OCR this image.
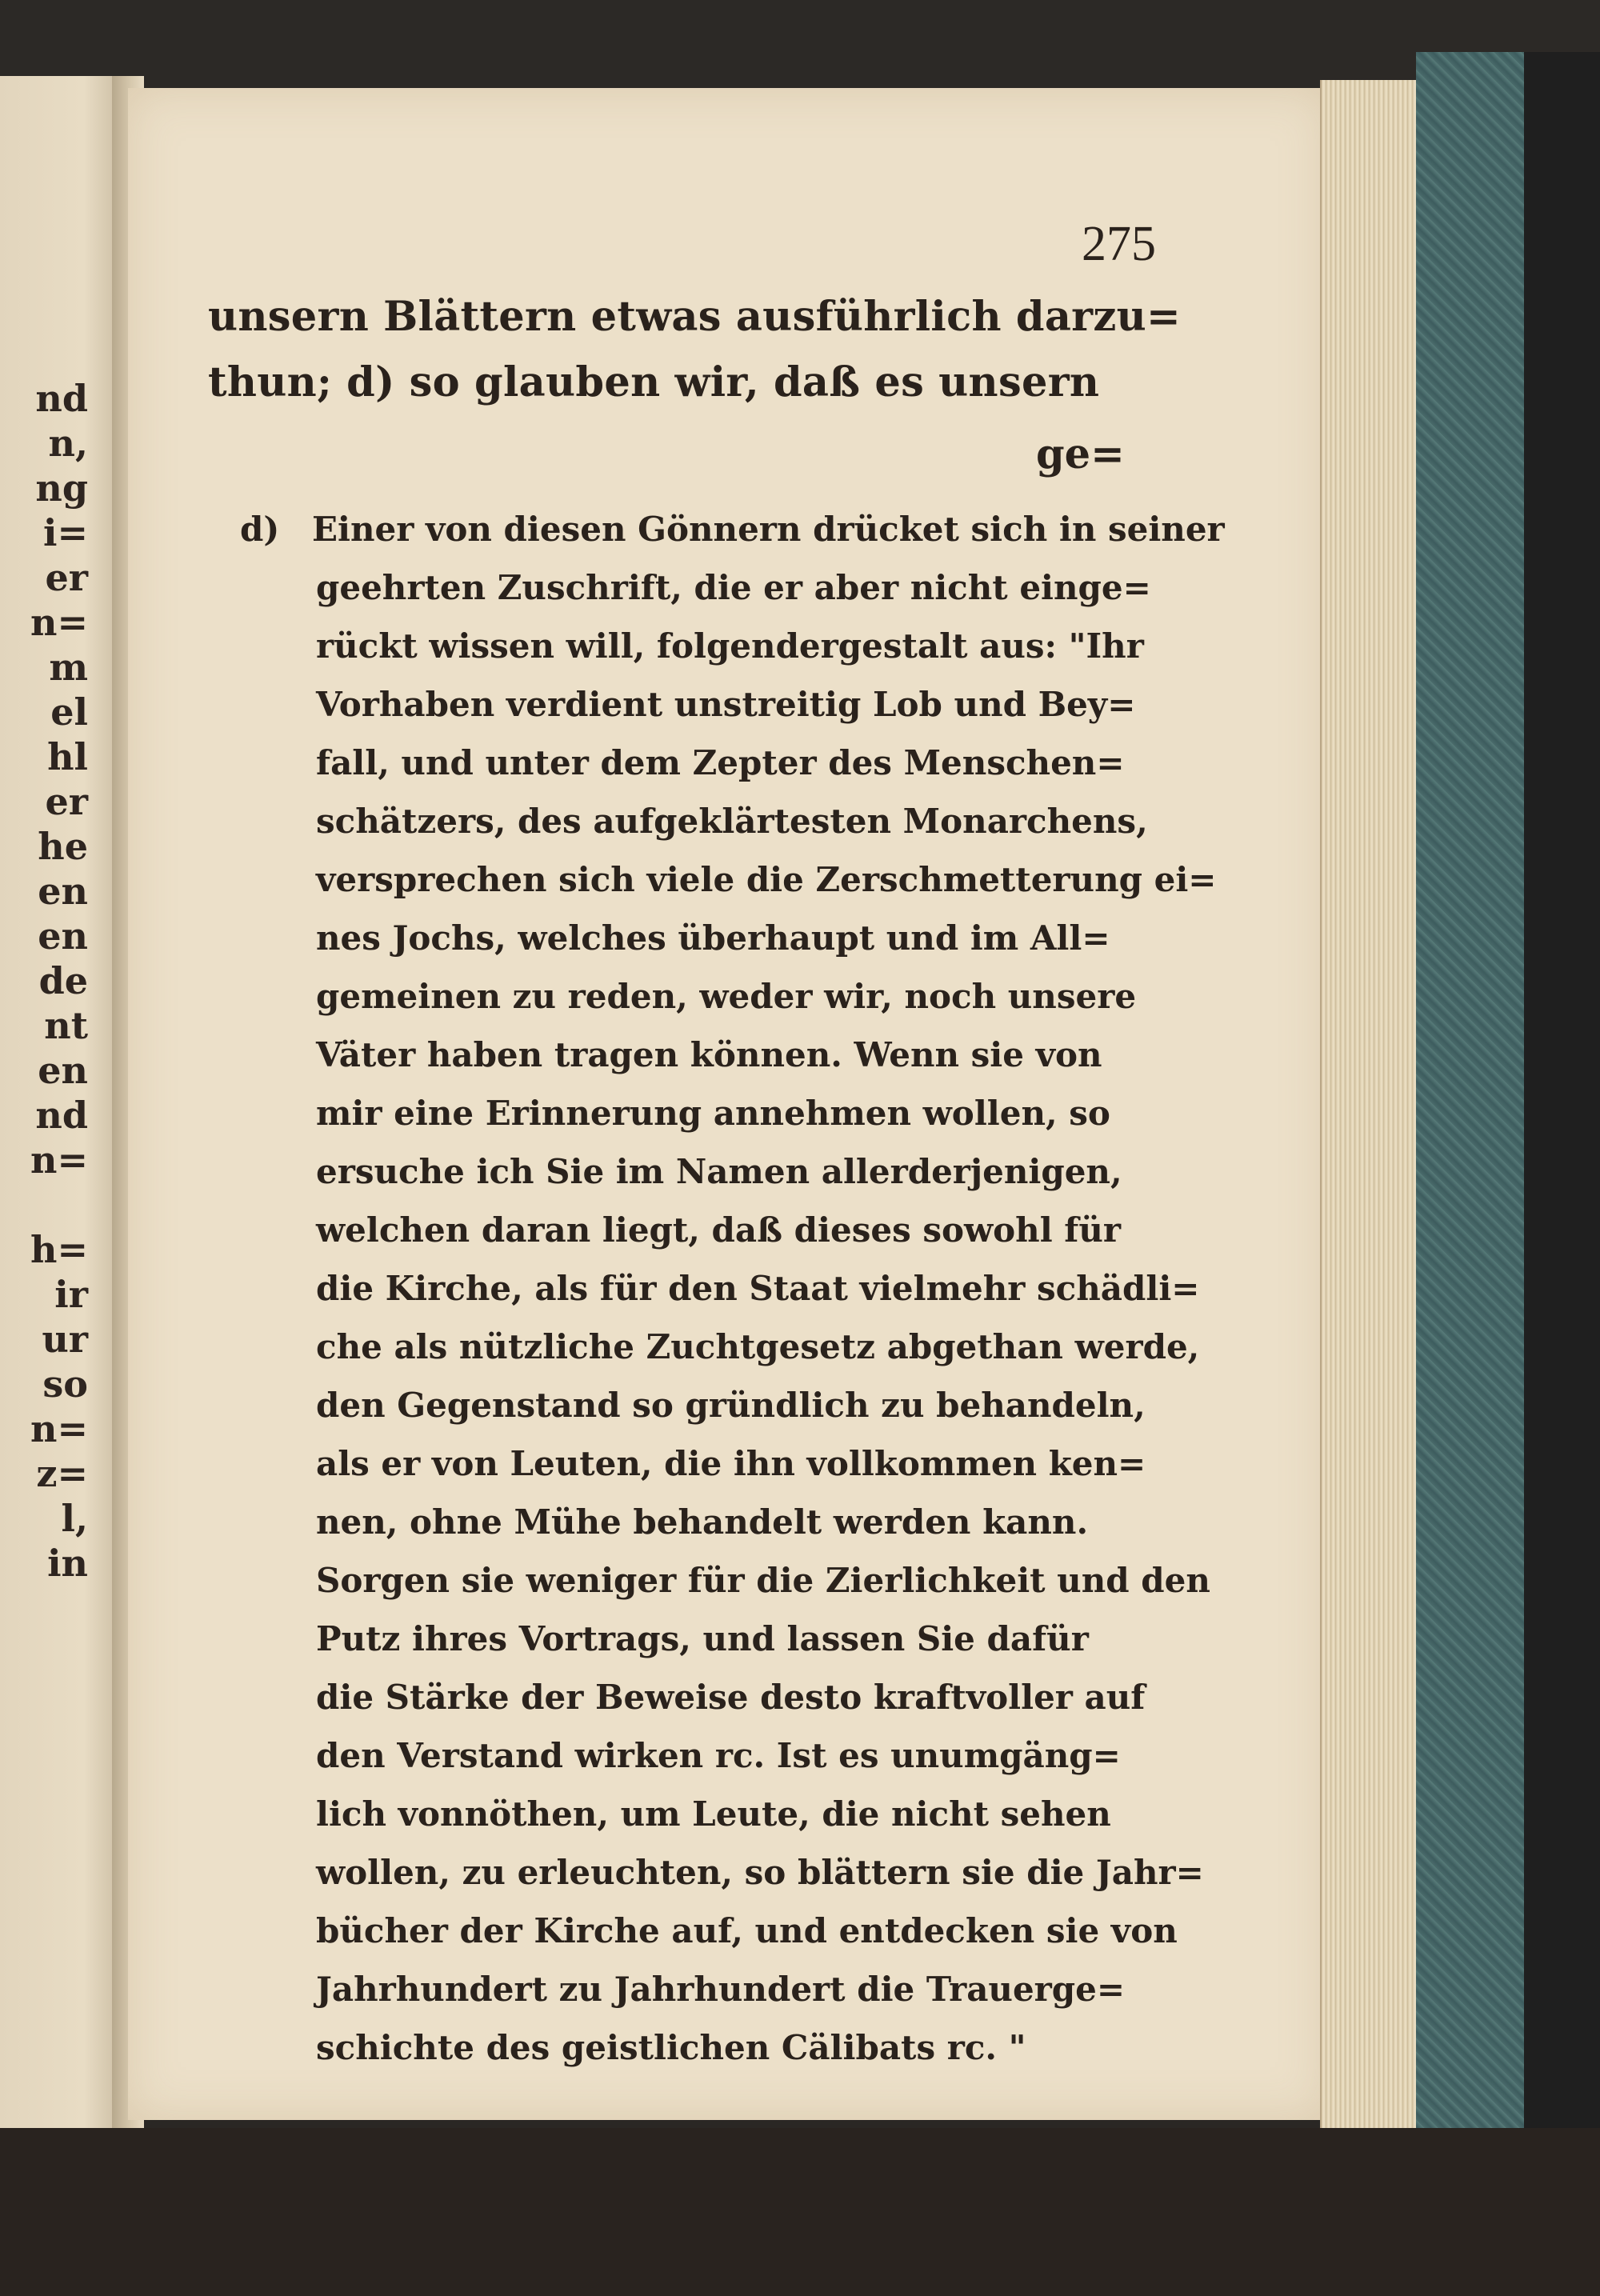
nd
n,
ng
i=
er
n=
m
el
hl
er
he
en
en
de
nt
en
nd
n=
h=
ir
ur
so
n=
z=
l,
in
275
unsern Blättern etwas ausführlich darzu=
thun; d) so glauben wir, daß es unsern
ge=
d) Einer von diesen Gönnern drücket sich in seiner
geehrten Zuschrift, die er aber nicht einge=
rückt wissen will, folgendergestalt aus: "Ihr
Vorhaben verdient unstreitig Lob und Bey=
fall, und unter dem Zepter des Menschen=
schätzers, des aufgeklärtesten Monarchens,
versprechen sich viele die Zerschmetterung ei=
nes Jochs, welches überhaupt und im All=
gemeinen zu reden, weder wir, noch unsere
Väter haben tragen können. Wenn sie von
mir eine Erinnerung annehmen wollen, so
ersuche ich Sie im Namen allerderjenigen,
welchen daran liegt, daß dieses sowohl für
die Kirche, als für den Staat vielmehr schädli=
che als nützliche Zuchtgesetz abgethan werde,
den Gegenstand so gründlich zu behandeln,
als er von Leuten, die ihn vollkommen ken=
nen, ohne Mühe behandelt werden kann.
Sorgen sie weniger für die Zierlichkeit und den
Putz ihres Vortrags, und lassen Sie dafür
die Stärke der Beweise desto kraftvoller auf
den Verstand wirken rc. Ist es unumgäng=
lich vonnöthen, um Leute, die nicht sehen
wollen, zu erleuchten, so blättern sie die Jahr=
bücher der Kirche auf, und entdecken sie von
Jahrhundert zu Jahrhundert die Trauerge=
schichte des geistlichen Cälibats rc. "
